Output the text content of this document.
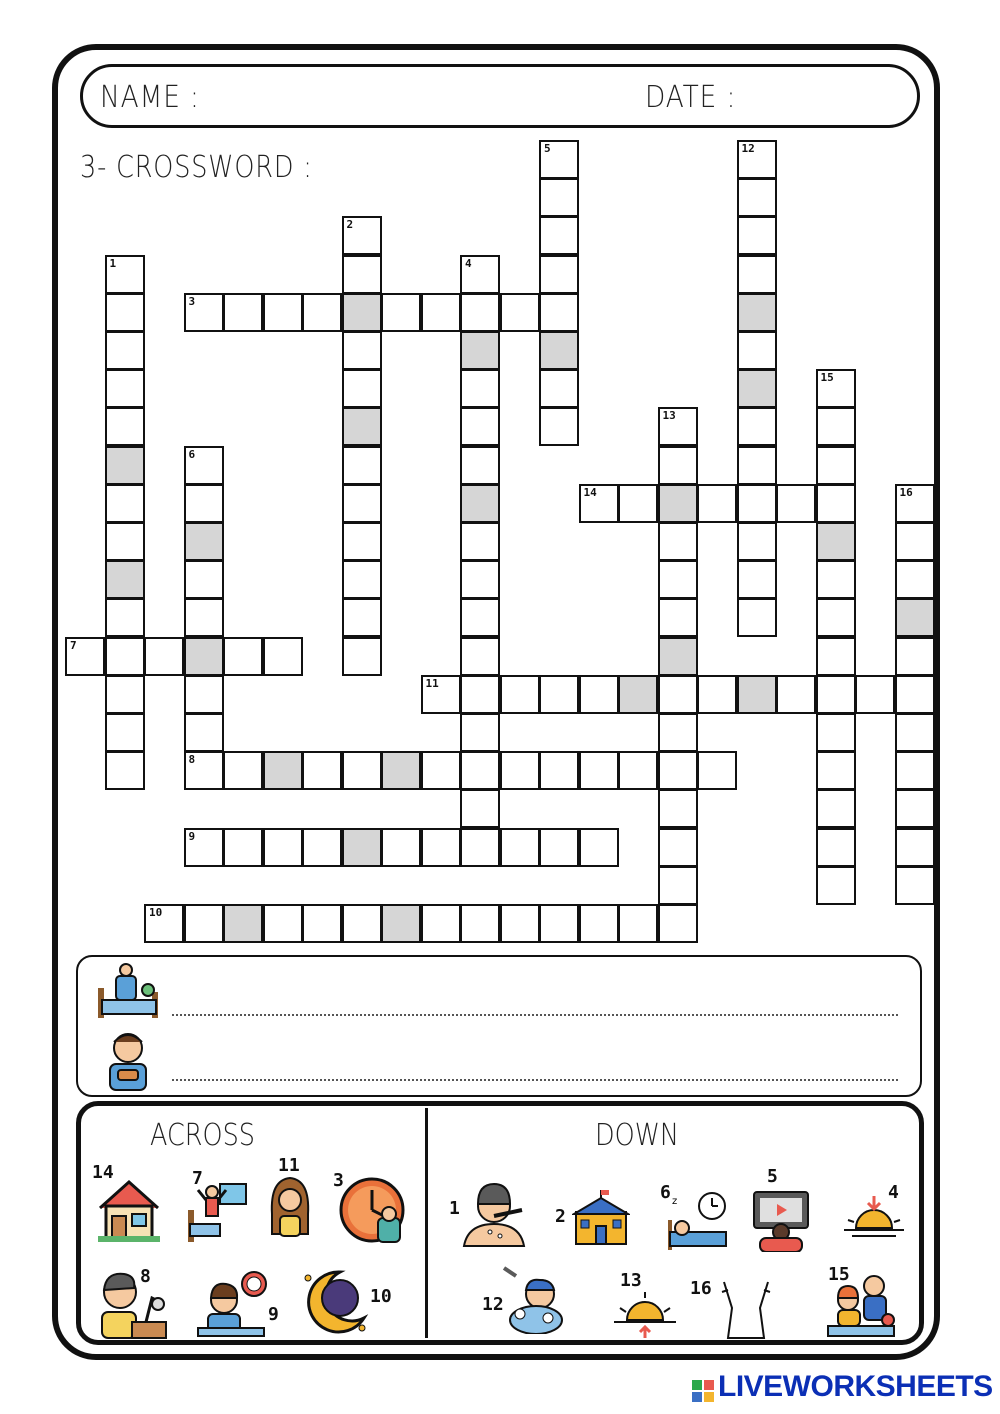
NAME :	DATE :
3- CROSSWORD :
1
2
3
4
5
6
7
8
9
10
11
12
13
14
15
16
ACROSS	DOWN
14	7
11
3
8
9
10
1	2
6 z
5
4
12
13	16
15
LIVEWORKSHEETS
